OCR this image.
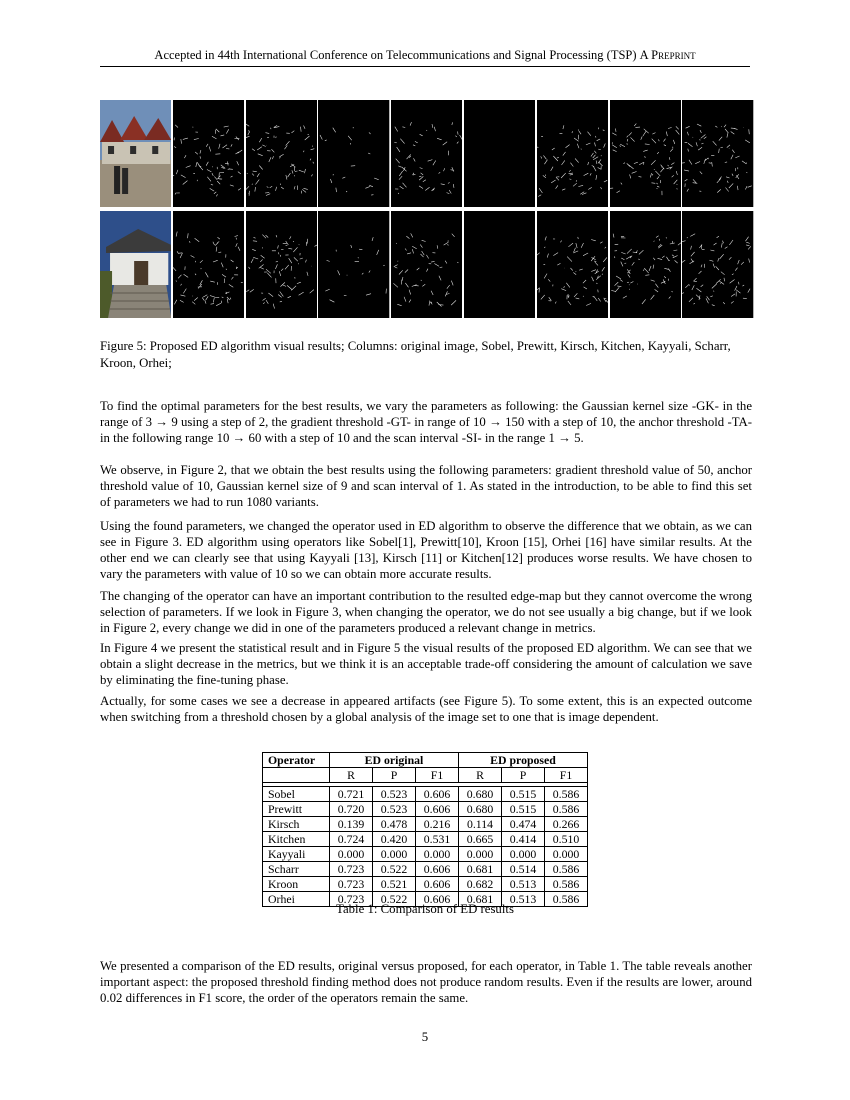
Accepted in 44th International Conference on Telecommunications and Signal Processing (TSP) A Preprint
Figure 5: Proposed ED algorithm visual results; Columns: original image, Sobel, Prewitt, Kirsch, Kitchen, Kayyali, Scharr, Kroon, Orhei;

To find the optimal parameters for the best results, we vary the parameters as following: the Gaussian kernel size -GK- in the range of 3 → 9 using a step of 2, the gradient threshold -GT- in range of 10 → 150 with a step of 10, the anchor threshold -TA- in the following range 10 → 60 with a step of 10 and the scan interval -SI- in the range 1 → 5.

We observe, in Figure 2, that we obtain the best results using the following parameters: gradient threshold value of 50, anchor threshold value of 10, Gaussian kernel size of 9 and scan interval of 1. As stated in the introduction, to be able to find this set of parameters we had to run 1080 variants.

Using the found parameters, we changed the operator used in ED algorithm to observe the difference that we obtain, as we can see in Figure 3. ED algorithm using operators like Sobel[1], Prewitt[10], Kroon [15], Orhei [16] have similar results. At the other end we can clearly see that using Kayyali [13], Kirsch [11] or Kitchen[12] produces worse results. We have chosen to vary the parameters with value of 10 so we can obtain more accurate results.

The changing of the operator can have an important contribution to the resulted edge-map but they cannot overcome the wrong selection of parameters. If we look in Figure 3, when changing the operator, we do not see usually a big change, but if we look in Figure 2, every change we did in one of the parameters produced a relevant change in metrics.

In Figure 4 we present the statistical result and in Figure 5 the visual results of the proposed ED algorithm. We can see that we obtain a slight decrease in the metrics, but we think it is an acceptable trade-off considering the amount of calculation we save by eliminating the fine-tuning phase.

Actually, for some cases we see a decrease in appeared artifacts (see Figure 5). To some extent, this is an expected outcome when switching from a threshold chosen by a global analysis of the image set to one that is image dependent.

Operator	ED original			ED proposed		
	R	P	F1	R	P	F1

Sobel	0.721	0.523	0.606	0.680	0.515	0.586
Prewitt	0.720	0.523	0.606	0.680	0.515	0.586
Kirsch	0.139	0.478	0.216	0.114	0.474	0.266
Kitchen	0.724	0.420	0.531	0.665	0.414	0.510
Kayyali	0.000	0.000	0.000	0.000	0.000	0.000
Scharr	0.723	0.522	0.606	0.681	0.514	0.586
Kroon	0.723	0.521	0.606	0.682	0.513	0.586
Orhei	0.723	0.522	0.606	0.681	0.513	0.586
Table 1: Comparison of ED results

We presented a comparison of the ED results, original versus proposed, for each operator, in Table 1. The table reveals another important aspect: the proposed threshold finding method does not produce random results. Even if the results are lower, around 0.02 differences in F1 score, the order of the operators remain the same.

5
